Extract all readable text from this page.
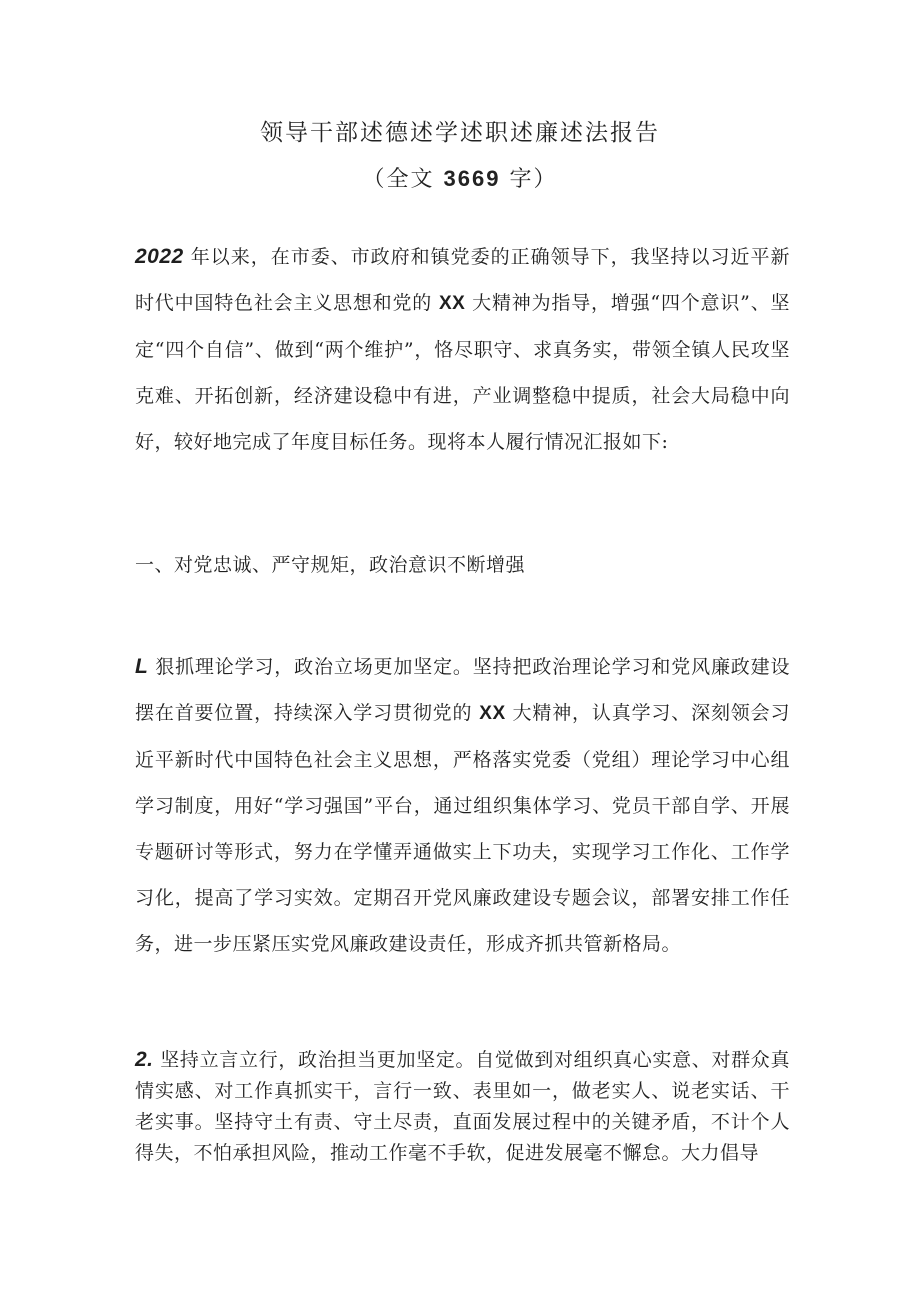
领导干部述德述学述职述廉述法报告
（全文 3669 字）
2022 年以来，在市委、市政府和镇党委的正确领导下，我坚持以习近平新时代中国特色社会主义思想和党的 XX 大精神为指导，增强“四个意识”、坚定“四个自信”、做到“两个维护”，恪尽职守、求真务实，带领全镇人民攻坚克难、开拓创新，经济建设稳中有进，产业调整稳中提质，社会大局稳中向好，较好地完成了年度目标任务。现将本人履行情况汇报如下:
一、对党忠诚、严守规矩，政治意识不断增强
L 狠抓理论学习，政治立场更加坚定。坚持把政治理论学习和党风廉政建设摆在首要位置，持续深入学习贯彻党的 XX 大精神，认真学习、深刻领会习近平新时代中国特色社会主义思想，严格落实党委（党组）理论学习中心组学习制度，用好“学习强国”平台，通过组织集体学习、党员干部自学、开展专题研讨等形式，努力在学懂弄通做实上下功夫，实现学习工作化、工作学习化，提高了学习实效。定期召开党风廉政建设专题会议，部署安排工作任务，进一步压紧压实党风廉政建设责任，形成齐抓共管新格局。
2. 坚持立言立行，政治担当更加坚定。自觉做到对组织真心实意、对群众真情实感、对工作真抓实干，言行一致、表里如一，做老实人、说老实话、干老实事。坚持守土有责、守土尽责，直面发展过程中的关键矛盾，不计个人得失，不怕承担风险，推动工作毫不手软，促进发展毫不懈怠。大力倡导
